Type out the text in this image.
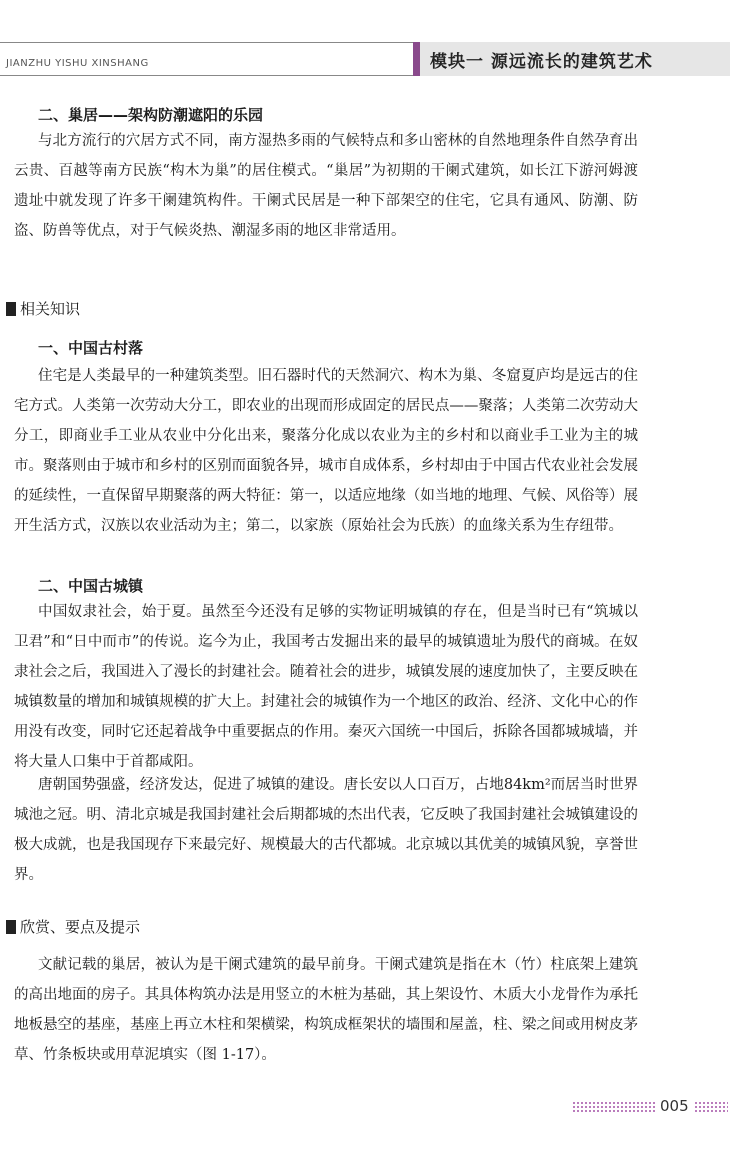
JIANZHU YISHU XINSHANG	模块一 源远流长的建筑艺术
二、巢居——架构防潮遮阳的乐园
与北方流行的穴居方式不同，南方湿热多雨的气候特点和多山密林的自然地理条件自然孕育出云贵、百越等南方民族“构木为巢”的居住模式。“巢居”为初期的干阑式建筑，如长江下游河姆渡遗址中就发现了许多干阑建筑构件。干阑式民居是一种下部架空的住宅，它具有通风、防潮、防盗、防兽等优点，对于气候炎热、潮湿多雨的地区非常适用。
相关知识
一、中国古村落
住宅是人类最早的一种建筑类型。旧石器时代的天然洞穴、构木为巢、冬窟夏庐均是远古的住宅方式。人类第一次劳动大分工，即农业的出现而形成固定的居民点——聚落；人类第二次劳动大分工，即商业手工业从农业中分化出来，聚落分化成以农业为主的乡村和以商业手工业为主的城市。聚落则由于城市和乡村的区别而面貌各异，城市自成体系，乡村却由于中国古代农业社会发展的延续性，一直保留早期聚落的两大特征：第一，以适应地缘（如当地的地理、气候、风俗等）展开生活方式，汉族以农业活动为主；第二，以家族（原始社会为氏族）的血缘关系为生存纽带。
二、中国古城镇
中国奴隶社会，始于夏。虽然至今还没有足够的实物证明城镇的存在，但是当时已有“筑城以卫君”和“日中而市”的传说。迄今为止，我国考古发掘出来的最早的城镇遗址为殷代的商城。在奴隶社会之后，我国进入了漫长的封建社会。随着社会的进步，城镇发展的速度加快了，主要反映在城镇数量的增加和城镇规模的扩大上。封建社会的城镇作为一个地区的政治、经济、文化中心的作用没有改变，同时它还起着战争中重要据点的作用。秦灭六国统一中国后，拆除各国都城城墙，并将大量人口集中于首都咸阳。
唐朝国势强盛，经济发达，促进了城镇的建设。唐长安以人口百万，占地84km²而居当时世界城池之冠。明、清北京城是我国封建社会后期都城的杰出代表，它反映了我国封建社会城镇建设的极大成就，也是我国现存下来最完好、规模最大的古代都城。北京城以其优美的城镇风貌，享誉世界。
欣赏、要点及提示
文献记载的巢居，被认为是干阑式建筑的最早前身。干阑式建筑是指在木（竹）柱底架上建筑的高出地面的房子。其具体构筑办法是用竖立的木桩为基础，其上架设竹、木质大小龙骨作为承托地板悬空的基座，基座上再立木柱和架横梁，构筑成框架状的墙围和屋盖，柱、梁之间或用树皮茅草、竹条板块或用草泥填实（图 1-17）。
005
